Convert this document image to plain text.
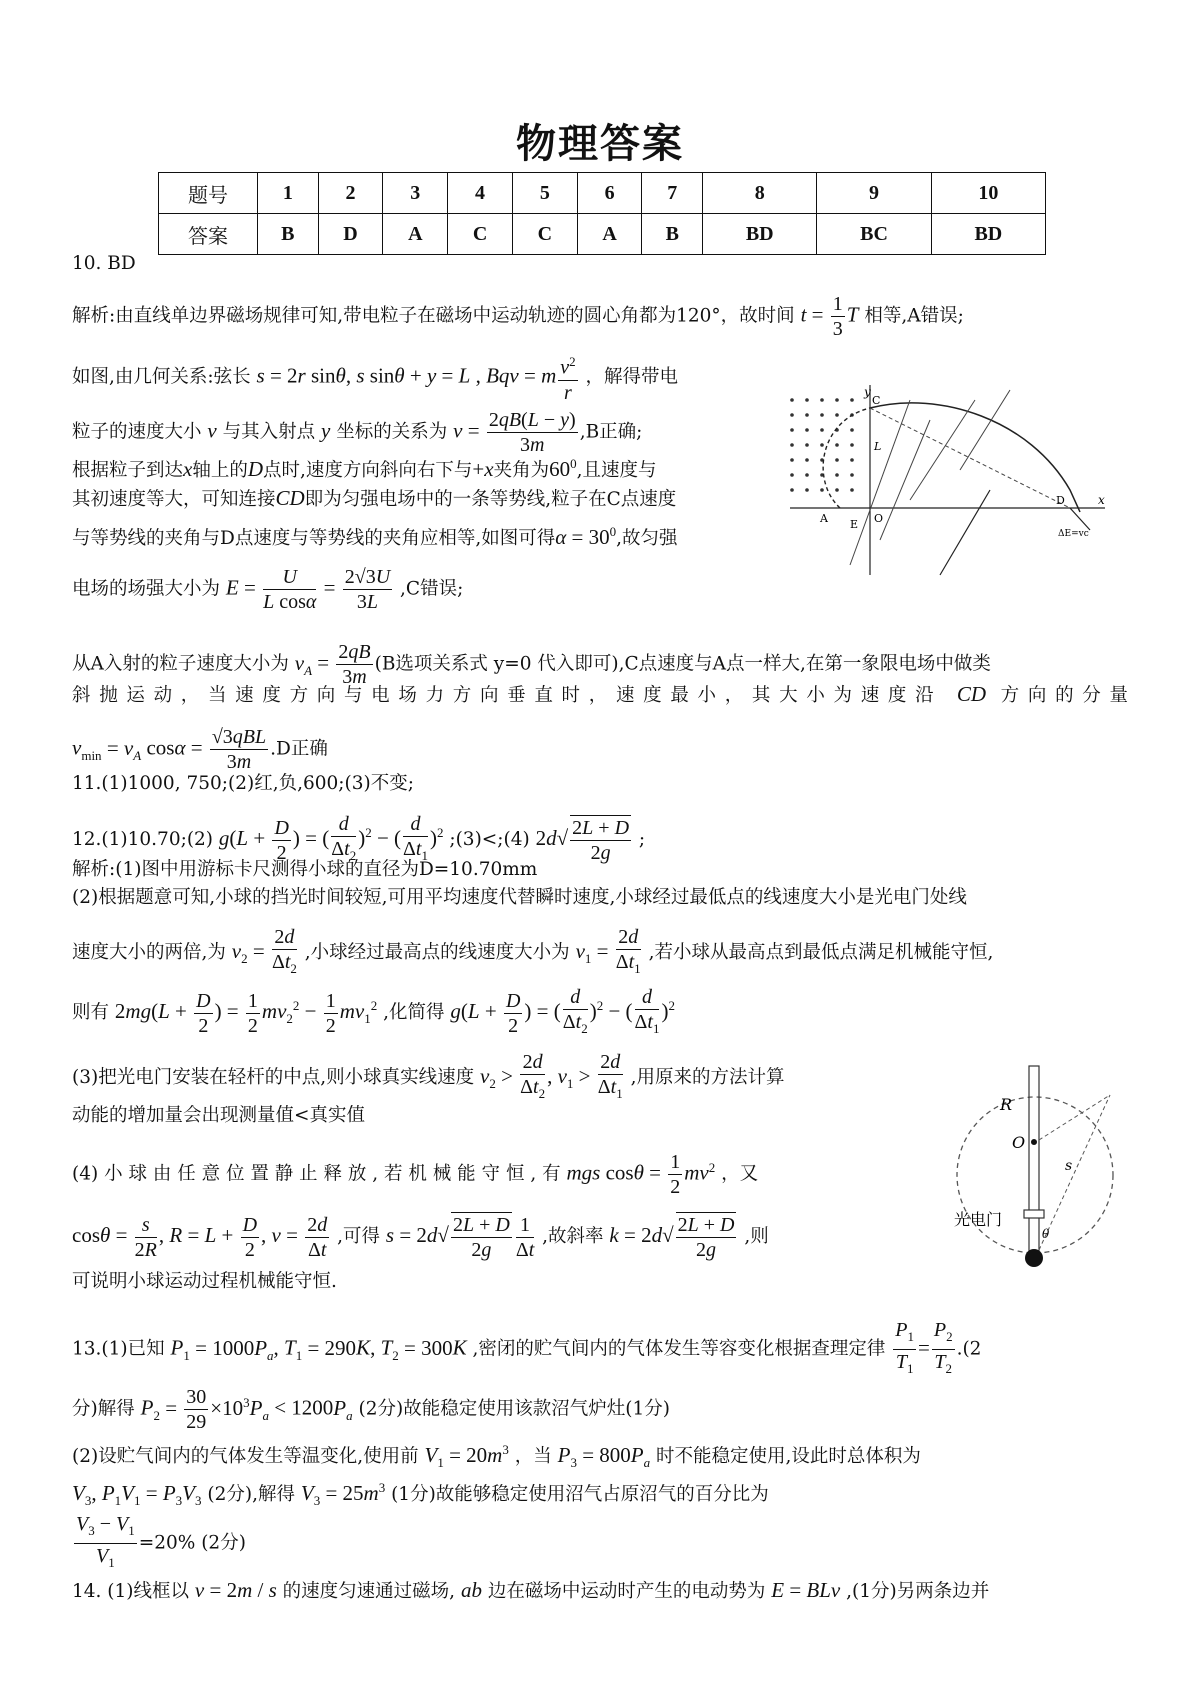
物理答案
题号	1	2	3	4	5	6	7	8	9	10
答案	B	D	A	C	C	A	B	BD	BC	BD
10. BD
解析:由直线单边界磁场规律可知,带电粒子在磁场中运动轨迹的圆心角都为120°，故时间 $t = \frac{1}{3}$ T 相等,A错误;
如图,由几何关系:弦长 s = 2r sinθ, s sinθ + y = L , Bqv = m $\frac{v^2}{r}$ ，解得带电
粒子的速度大小 v 与其入射点 y 坐标的关系为 $v = \frac{2qB(L - y)}{3m} ,B$正确;
根据粒子到达x轴上的D点时,速度方向斜向右下与+x夹角为$60^0$,且速度与
其初速度等大，可知连接CD即为匀强电场中的一条等势线,粒子在C点速度
与等势线的夹角与D点速度与等势线的夹角应相等,如图可得$\alpha = 30^0$,故匀强
电场的场强大小为 $E = \frac{U}{\text{L cosα}} = \frac{2√3U}{3L} ,C$错误;
从A入射的粒子速度大小为 $v_A = \frac{2qB}{3m} (B$选项关系式 y=0 代入即可),C点速度与A点一样大,在第一象限电场中做类
斜抛运动，当速度方向与电场力方向垂直时，速度最小，其大小为速度沿 CD 方向的分量
$v_{min} = v_A$ cosα = √3qBL
3m
.D正确
y
x
C
D
A E O
L
ΔE=vc
11.(1)1000, 750;(2)红,负,600;(3)不变;
12.(1)10.70;(2) $g(L + \frac{D}{2}$ ) = ( $\frac{d}{\Delta t_2} )^2$ − ( $\frac{d}{\Delta t_1} )^2$ ;(3)<;(4) $2d√ \frac{2L + D}{2g}$ ;
解析:(1)图中用游标卡尺测得小球的直径为D=10.70mm
(2)根据题意可知,小球的挡光时间较短,可用平均速度代替瞬时速度,小球经过最低点的线速度大小是光电门处线
速度大小的两倍,为 $v_2 = \frac{2d}{\Delta t_2}$ ,小球经过最高点的线速度大小为 $v_1 = \frac{2d}{\Delta t_1}$ ,若小球从最高点到最低点满足机械能守恒,
则有 $2mg(L + \frac{D}{2}$ ) = $\frac{1}{2} mv_2^2 - \frac{1}{2} mv_1^2$ ,化简得 $g(L + \frac{D}{2}$ ) = ( $\frac{d}{\Delta t_2} )^2$ − ( $\frac{d}{\Delta t_1} )^2$
(3)把光电门安装在轻杆的中点,则小球真实线速度 $v_2 > \frac{2d}{\Delta t_2}$ , $v_1 > \frac{2d}{\Delta t_1}$ ,用原来的方法计算
动能的增加量会出现测量值<真实值
(4) 小 球 由 任 意 位 置 静 止 释 放 , 若 机 械 能 守 恒 , 有 mgs $\cos\theta = \frac{1}{2} mv^2$ ，又
$\cos\theta = \frac{s}{2R}$ , $R = L + \frac{D}{2}$ , $v = \frac{2d}{\Delta t}$ ,可得 $s = 2d√ \frac{2L + D}{2g} \frac{1}{\Delta t}$ ,故斜率 $k = 2d√ \frac{2L + D}{2g}$ ,则
可说明小球运动过程机械能守恒.
R
O
s
光电门
θ
13.(1)已知 $P_1 = 1000P_a$, $T_1 = 290K$, $T_2 = 300K$ ,密闭的贮气间内的气体发生等容变化根据查理定律 $\frac{P_1}{T_1} = \frac{P_2}{T_2} .(2$
分)解得 $P_2 = \frac{30}{29} \times 10^3P_a < 1200P_a$ (2分)故能稳定使用该款沼气炉灶(1分)
(2)设贮气间内的气体发生等温变化,使用前 $V_1 = 20m^3$ ，当 $P_3 = 800P_a$ 时不能稳定使用,设此时总体积为
$V_3$, $P_1V_1 = P_3V_3$ (2分),解得 $V_3 = 25m^3$ (1分)故能够稳定使用沼气占原沼气的百分比为
$\frac{V_3 - V_1}{V_1} =20\%$ (2分)
14. (1)线框以 v = 2m / s 的速度匀速通过磁场, ab 边在磁场中运动时产生的电动势为 E = BLv ,(1分)另两条边并
